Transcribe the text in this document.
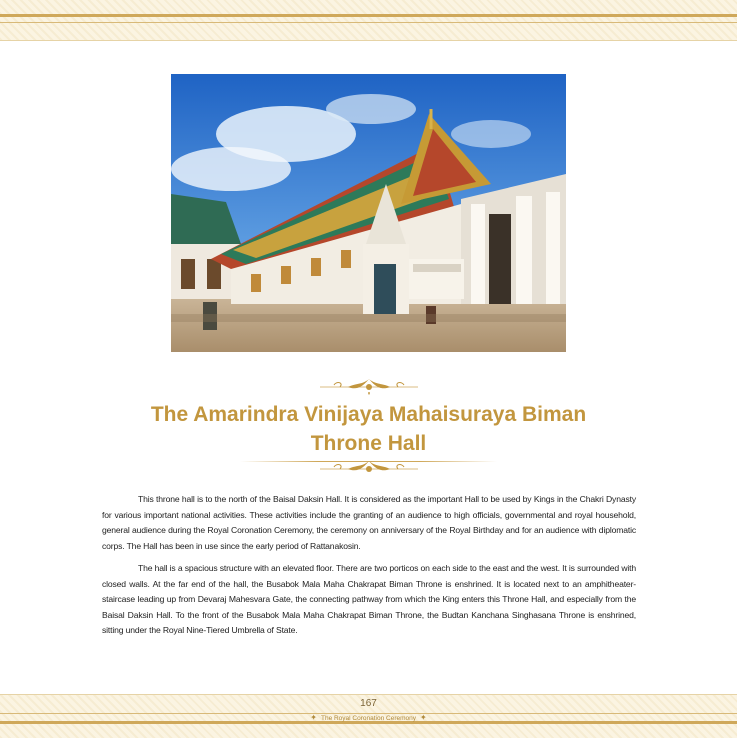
The Amarindra Vinijaya Mahaisuraya Biman
Throne Hall

This throne hall is to the north of the Baisal Daksin Hall. It is considered as the important Hall to be used by Kings in the Chakri Dynasty for various important national activities. These activities include the granting of an audience to high officials, governmental and royal household, general audience during the Royal Coronation Ceremony, the ceremony on anniversary of the Royal Birthday and for an audience with diplomatic corps. The Hall has been in use since the early period of Rattanakosin.

The hall is a spacious structure with an elevated floor. There are two porticos on each side to the east and the west. It is surrounded with closed walls. At the far end of the hall, the Busabok Mala Maha Chakrapat Biman Throne is enshrined. It is located next to an amphitheater-staircase leading up from Devaraj Mahesvara Gate, the connecting pathway from which the King enters this Throne Hall, and especially from the Baisal Daksin Hall. To the front of the Busabok Mala Maha Chakrapat Biman Throne, the Budtan Kanchana Singhasana Throne is enshrined, sitting under the Royal Nine-Tiered Umbrella of State.

167
✦ The Royal Coronation Ceremony ✦
